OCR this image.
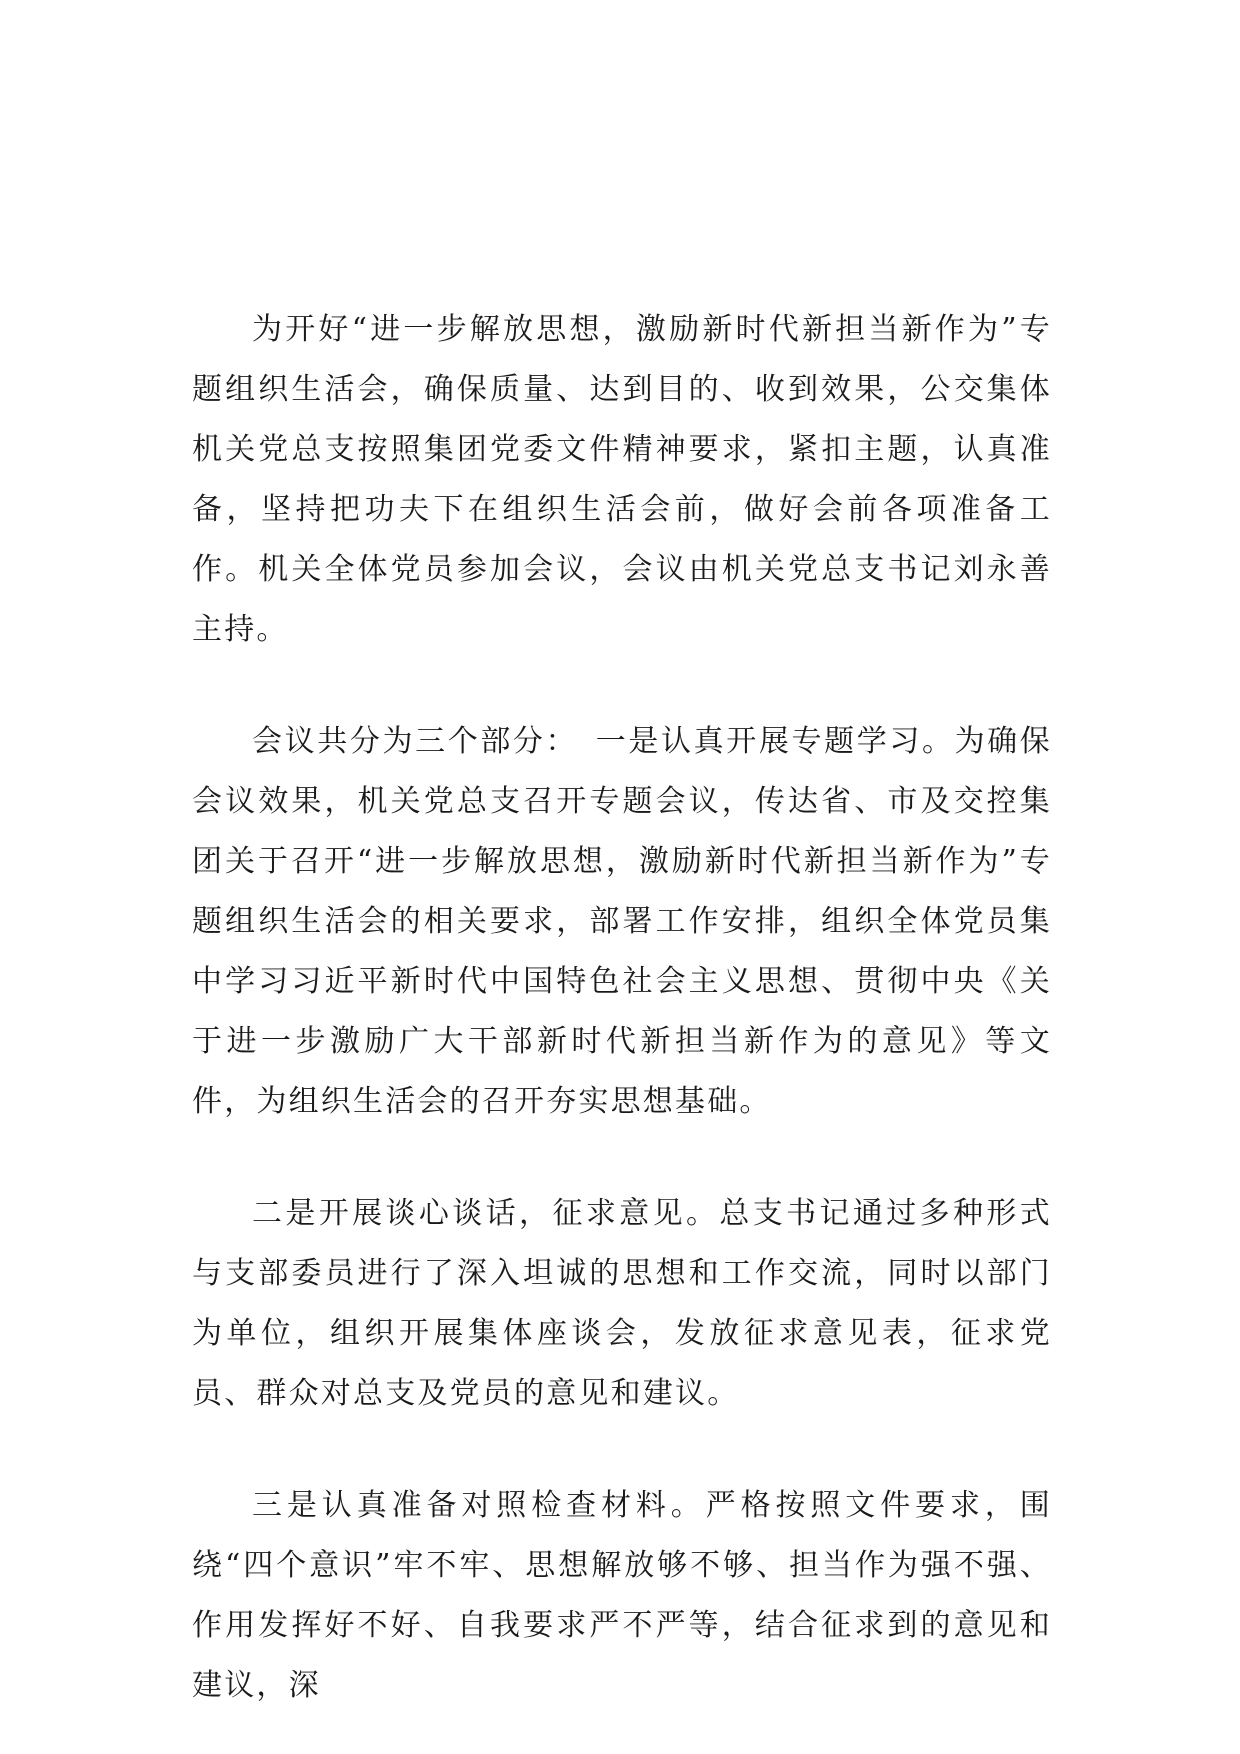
为开好“进一步解放思想，激励新时代新担当新作为”专题组织生活会，确保质量、达到目的、收到效果，公交集体机关党总支按照集团党委文件精神要求，紧扣主题，认真准备，坚持把功夫下在组织生活会前，做好会前各项准备工作。机关全体党员参加会议，会议由机关党总支书记刘永善主持。

会议共分为三个部分：　一是认真开展专题学习。为确保会议效果，机关党总支召开专题会议，传达省、市及交控集团关于召开“进一步解放思想，激励新时代新担当新作为”专题组织生活会的相关要求，部署工作安排，组织全体党员集中学习习近平新时代中国特色社会主义思想、贯彻中央《关于进一步激励广大干部新时代新担当新作为的意见》等文件，为组织生活会的召开夯实思想基础。

二是开展谈心谈话，征求意见。总支书记通过多种形式与支部委员进行了深入坦诚的思想和工作交流，同时以部门为单位，组织开展集体座谈会，发放征求意见表，征求党员、群众对总支及党员的意见和建议。

三是认真准备对照检查材料。严格按照文件要求，围绕“四个意识”牢不牢、思想解放够不够、担当作为强不强、作用发挥好不好、自我要求严不严等，结合征求到的意见和建议，深
